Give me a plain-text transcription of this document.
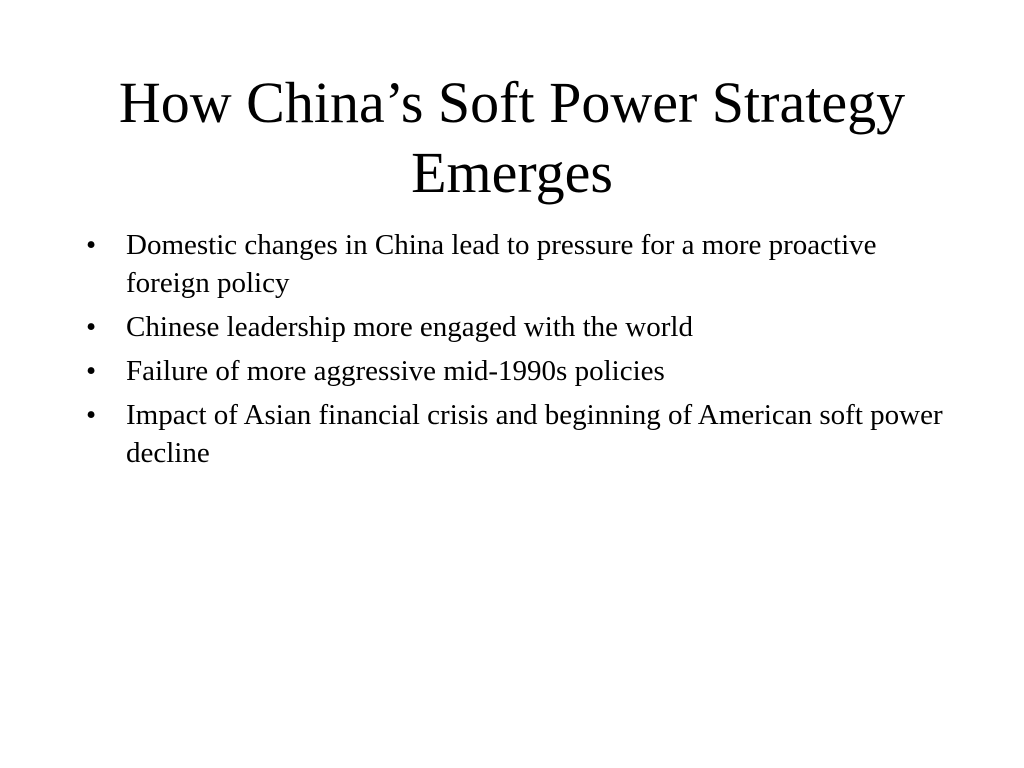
How China’s Soft Power Strategy Emerges
•	Domestic changes in China lead to pressure for a more proactive foreign policy
•	Chinese leadership more engaged with the world
•	Failure of more aggressive mid-1990s policies
•	Impact of Asian financial crisis and beginning of American soft power decline
